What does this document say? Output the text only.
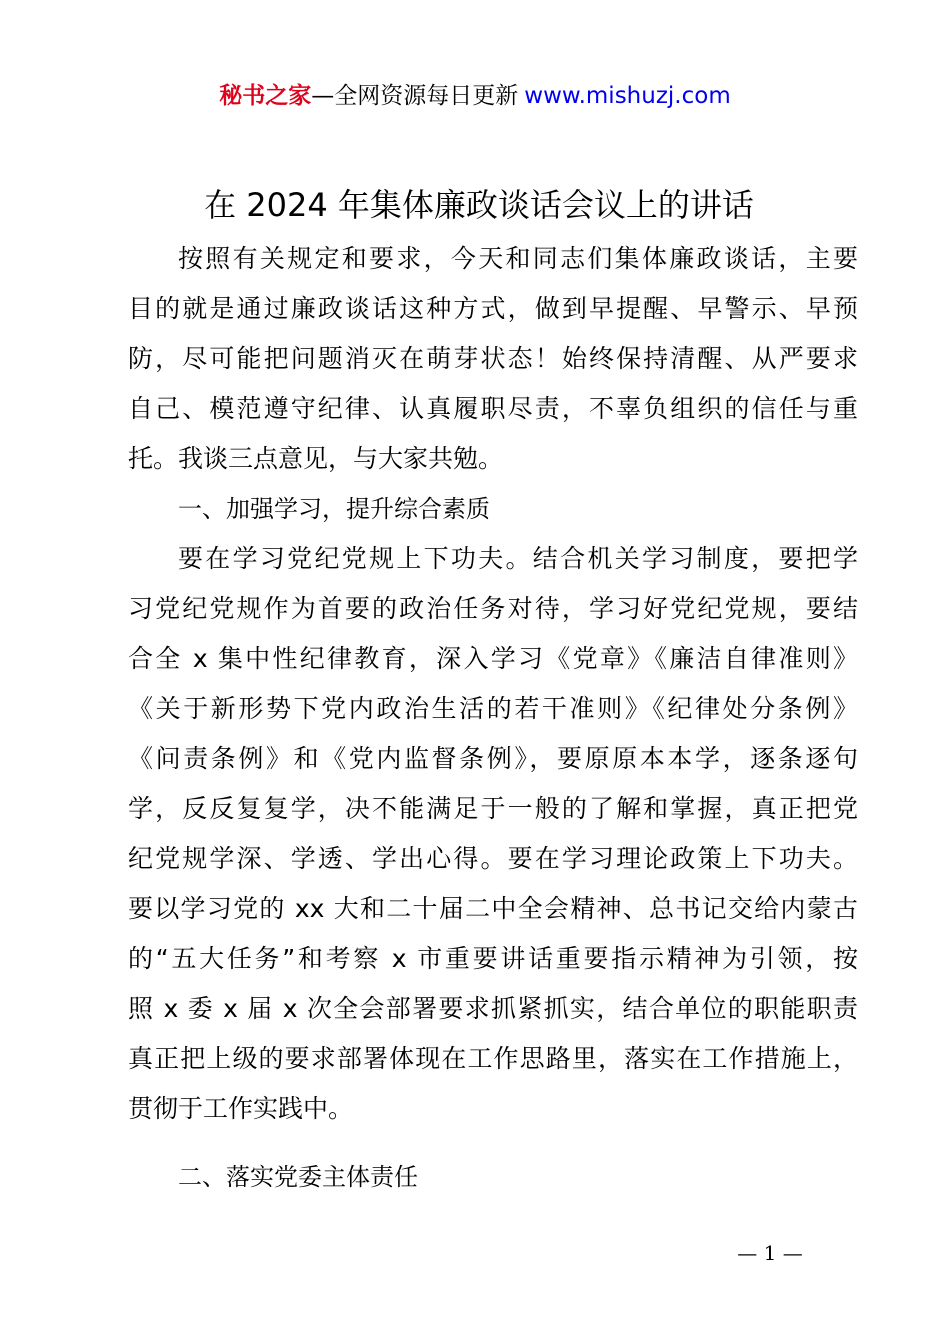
秘书之家—全网资源每日更新 www.mishuzj.com
在 2024 年集体廉政谈话会议上的讲话
按照有关规定和要求，今天和同志们集体廉政谈话，主要
目的就是通过廉政谈话这种方式，做到早提醒、早警示、早预
防，尽可能把问题消灭在萌芽状态！始终保持清醒、从严要求
自己、模范遵守纪律、认真履职尽责，不辜负组织的信任与重
托。我谈三点意见，与大家共勉。
一、加强学习，提升综合素质
要在学习党纪党规上下功夫。结合机关学习制度，要把学
习党纪党规作为首要的政治任务对待，学习好党纪党规，要结
合全 x 集中性纪律教育，深入学习《党章》《廉洁自律准则》
《关于新形势下党内政治生活的若干准则》《纪律处分条例》
《问责条例》和《党内监督条例》，要原原本本学，逐条逐句
学，反反复复学，决不能满足于一般的了解和掌握，真正把党
纪党规学深、学透、学出心得。要在学习理论政策上下功夫。
要以学习党的 xx 大和二十届二中全会精神、总书记交给内蒙古
的“五大任务”和考察 x 市重要讲话重要指示精神为引领，按
照 x 委 x 届 x 次全会部署要求抓紧抓实，结合单位的职能职责
真正把上级的要求部署体现在工作思路里，落实在工作措施上，
贯彻于工作实践中。
二、落实党委主体责任
— 1 —
